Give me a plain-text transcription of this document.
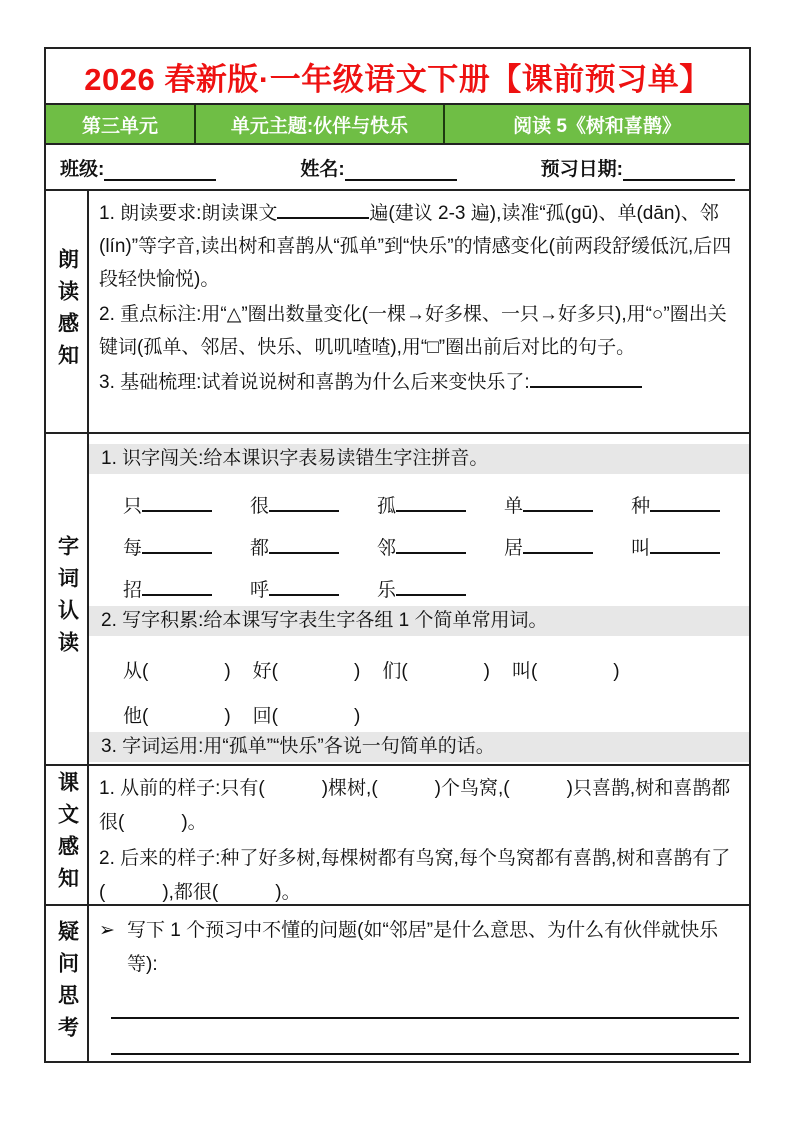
2026 春新版·一年级语文下册【课前预习单】
第三单元	单元主题:伙伴与快乐	阅读 5《树和喜鹊》
班级:	姓名:	预习日期:
朗读感知
1. 朗读要求:朗读课文	遍(建议 2-3 遍),读准“孤(gū)、单(dān)、邻(lín)”等字音,读出树和喜鹊从“孤单”到“快乐”的情感变化(前两段舒缓低沉,后四段轻快愉悦)。
2. 重点标注:用“△”圈出数量变化(一棵→好多棵、一只→好多只),用“○”圈出关键词(孤单、邻居、快乐、叽叽喳喳),用“□”圈出前后对比的句子。
3. 基础梳理:试着说说树和喜鹊为什么后来变快乐了:
字词认读
1. 识字闯关:给本课识字表易读错生字注拼音。
只	很	孤	单	种
每	都	邻	居	叫
招	呼	乐
2. 写字积累:给本课写字表生字各组 1 个简单常用词。
从(　　　　) 好(　　　　) 们(　　　　) 叫(　　　　)
他(　　　　) 回(　　　　)
3. 字词运用:用“孤单”“快乐”各说一句简单的话。
课文感知	1. 从前的样子:只有(　　　)棵树,(　　　)个鸟窝,(　　　)只喜鹊,树和喜鹊都很(　　　)。
2. 后来的样子:种了好多树,每棵树都有鸟窝,每个鸟窝都有喜鹊,树和喜鹊有了(　　　),都很(　　　)。
疑问思考	➢ 写下 1 个预习中不懂的问题(如“邻居”是什么意思、为什么有伙伴就快乐等):
